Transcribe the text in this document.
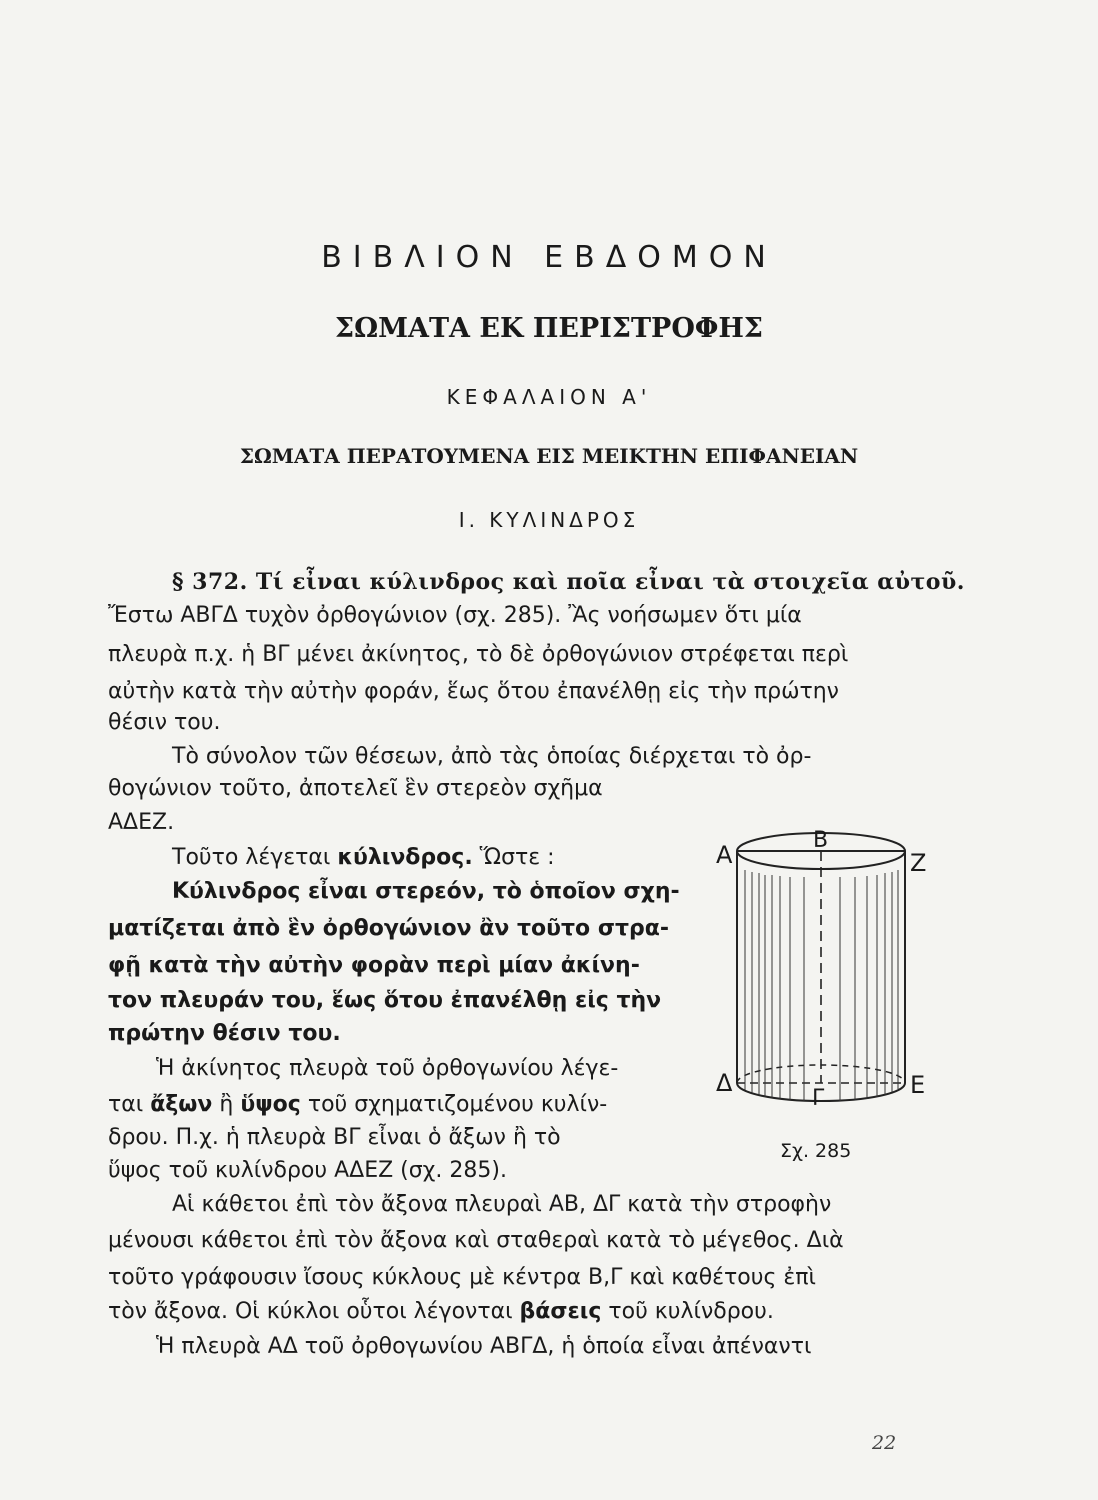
ΒΙΒΛΙΟΝ ΕΒΔΟΜΟΝ
ΣΩΜΑΤΑ ΕΚ ΠΕΡΙΣΤΡΟΦΗΣ
ΚΕΦΑΛΑΙΟΝ Α'
ΣΩΜΑΤΑ ΠΕΡΑΤΟΥΜΕΝΑ ΕΙΣ ΜΕΙΚΤΗΝ ΕΠΙΦΑΝΕΙΑΝ
Ι. ΚΥΛΙΝΔΡΟΣ
§ 372. Τί εἶναι κύλινδρος καὶ ποῖα εἶναι τὰ στοιχεῖα αὐτοῦ.
Ἔστω ΑΒΓΔ τυχὸν ὀρθογώνιον (σχ. 285). Ἂς νοήσωμεν ὅτι μία
πλευρὰ π.χ. ἡ ΒΓ μένει ἀκίνητος, τὸ δὲ ὀρθογώνιον στρέφεται περὶ
αὐτὴν κατὰ τὴν αὐτὴν φοράν, ἕως ὅτου ἐπανέλθῃ εἰς τὴν πρώτην
θέσιν του.
Τὸ σύνολον τῶν θέσεων, ἀπὸ τὰς ὁποίας διέρχεται τὸ ὀρ-
θογώνιον τοῦτο, ἀποτελεῖ ἓν στερεὸν σχῆμα
ΑΔΕΖ.
Τοῦτο λέγεται κύλινδρος. Ὥστε :
Κύλινδρος εἶναι στερεόν, τὸ ὁποῖον σχη-
ματίζεται ἀπὸ ἓν ὀρθογώνιον ἂν τοῦτο στρα-
φῇ κατὰ τὴν αὐτὴν φορὰν περὶ μίαν ἀκίνη-
τον πλευράν του, ἕως ὅτου ἐπανέλθῃ εἰς τὴν
πρώτην θέσιν του.
Ἡ ἀκίνητος πλευρὰ τοῦ ὀρθογωνίου λέγε-
ται ἄξων ἢ ὕψος τοῦ σχηματιζομένου κυλίν-
δρου. Π.χ. ἡ πλευρὰ ΒΓ εἶναι ὁ ἄξων ἢ τὸ
ὕψος τοῦ κυλίνδρου ΑΔΕΖ (σχ. 285).
Αἱ κάθετοι ἐπὶ τὸν ἄξονα πλευραὶ ΑΒ, ΔΓ κατὰ τὴν στροφὴν
μένουσι κάθετοι ἐπὶ τὸν ἄξονα καὶ σταθεραὶ κατὰ τὸ μέγεθος. Διὰ
τοῦτο γράφουσιν ἴσους κύκλους μὲ κέντρα Β,Γ καὶ καθέτους ἐπὶ
τὸν ἄξονα. Οἱ κύκλοι οὗτοι λέγονται βάσεις τοῦ κυλίνδρου.
Ἡ πλευρὰ ΑΔ τοῦ ὀρθογωνίου ΑΒΓΔ, ἡ ὁποία εἶναι ἀπέναντι
Α
Β
Ζ
Δ
Γ	Ε
Σχ. 285
22
